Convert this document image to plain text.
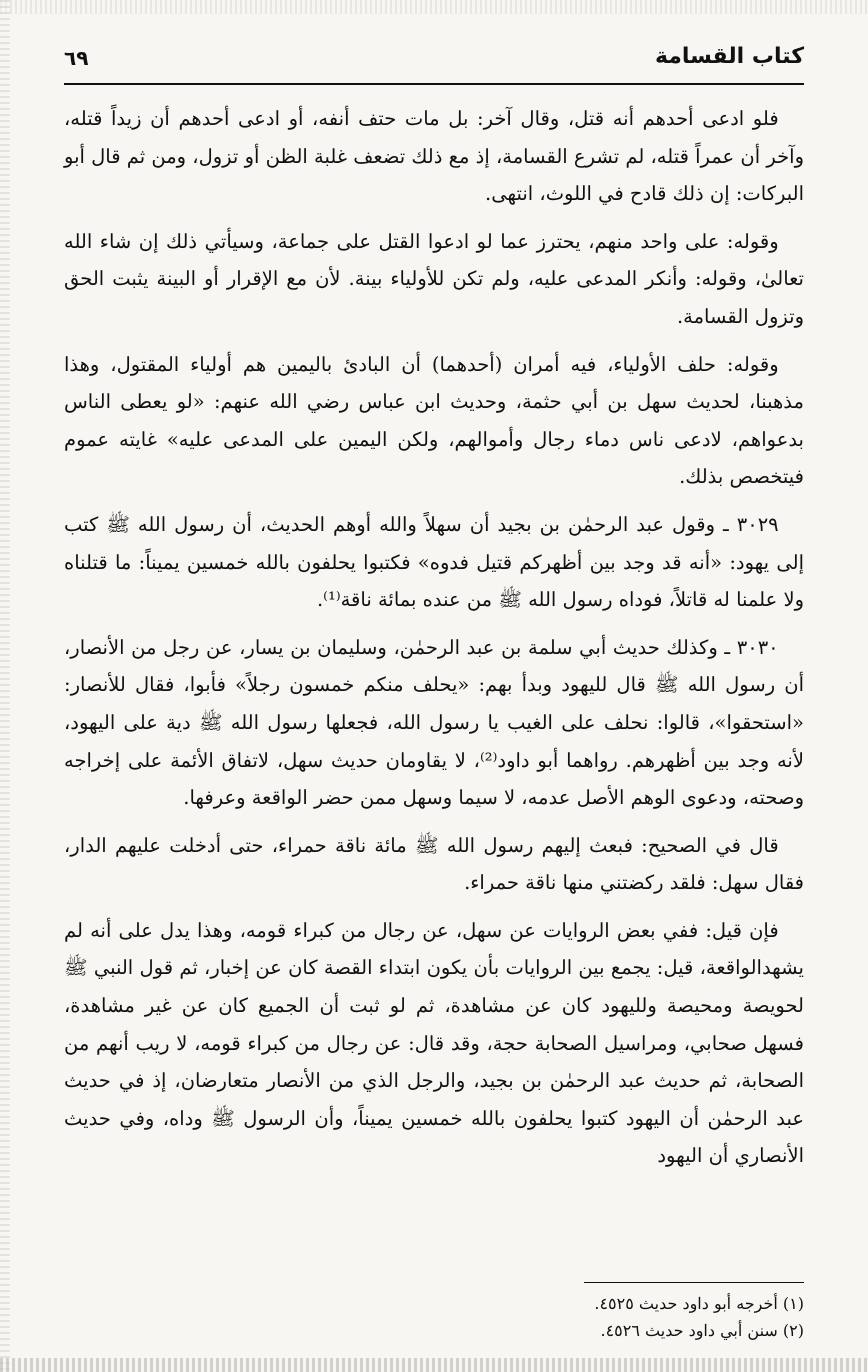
كتاب القسامة
٦٩

فلو ادعى أحدهم أنه قتل، وقال آخر: بل مات حتف أنفه، أو ادعى أحدهم أن زيداً قتله، وآخر أن عمراً قتله، لم تشرع القسامة، إذ مع ذلك تضعف غلبة الظن أو تزول، ومن ثم قال أبو البركات: إن ذلك قادح في اللوث، انتهى.

وقوله: على واحد منهم، يحترز عما لو ادعوا القتل على جماعة، وسيأتي ذلك إن شاء الله تعالىٰ، وقوله: وأنكر المدعى عليه، ولم تكن للأولياء بينة. لأن مع الإقرار أو البينة يثبت الحق وتزول القسامة.

وقوله: حلف الأولياء، فيه أمران (أحدهما) أن البادئ باليمين هم أولياء المقتول، وهذا مذهبنا، لحديث سهل بن أبي حثمة، وحديث ابن عباس رضي الله عنهم: «لو يعطى الناس بدعواهم، لادعى ناس دماء رجال وأموالهم، ولكن اليمين على المدعى عليه» غايته عموم فيتخصص بذلك.

٣٠٢٩ ـ وقول عبد الرحمٰن بن بجيد أن سهلاً والله أوهم الحديث، أن رسول الله ﷺ كتب إلى يهود: «أنه قد وجد بين أظهركم قتيل فدوه» فكتبوا يحلفون بالله خمسين يميناً: ما قتلناه ولا علمنا له قاتلاً، فوداه رسول الله ﷺ من عنده بمائة ناقة⁽¹⁾.

٣٠٣٠ ـ وكذلك حديث أبي سلمة بن عبد الرحمٰن، وسليمان بن يسار، عن رجل من الأنصار، أن رسول الله ﷺ قال لليهود وبدأ بهم: «يحلف منكم خمسون رجلاً» فأبوا، فقال للأنصار: «استحقوا»، قالوا: نحلف على الغيب يا رسول الله، فجعلها رسول الله ﷺ دية على اليهود، لأنه وجد بين أظهرهم. رواهما أبو داود⁽²⁾، لا يقاومان حديث سهل، لاتفاق الأئمة على إخراجه وصحته، ودعوى الوهم الأصل عدمه، لا سيما وسهل ممن حضر الواقعة وعرفها.

قال في الصحيح: فبعث إليهم رسول الله ﷺ مائة ناقة حمراء، حتى أدخلت عليهم الدار، فقال سهل: فلقد ركضتني منها ناقة حمراء.

فإن قيل: ففي بعض الروايات عن سهل، عن رجال من كبراء قومه، وهذا يدل على أنه لم يشهدالواقعة، قيل: يجمع بين الروايات بأن يكون ابتداء القصة كان عن إخبار، ثم قول النبي ﷺ لحويصة ومحيصة ولليهود كان عن مشاهدة، ثم لو ثبت أن الجميع كان عن غير مشاهدة، فسهل صحابي، ومراسيل الصحابة حجة، وقد قال: عن رجال من كبراء قومه، لا ريب أنهم من الصحابة، ثم حديث عبد الرحمٰن بن بجيد، والرجل الذي من الأنصار متعارضان، إذ في حديث عبد الرحمٰن أن اليهود كتبوا يحلفون بالله خمسين يميناً، وأن الرسول ﷺ وداه، وفي حديث الأنصاري أن اليهود

(١) أخرجه أبو داود حديث ٤٥٢٥.
(٢) سنن أبي داود حديث ٤٥٢٦.
